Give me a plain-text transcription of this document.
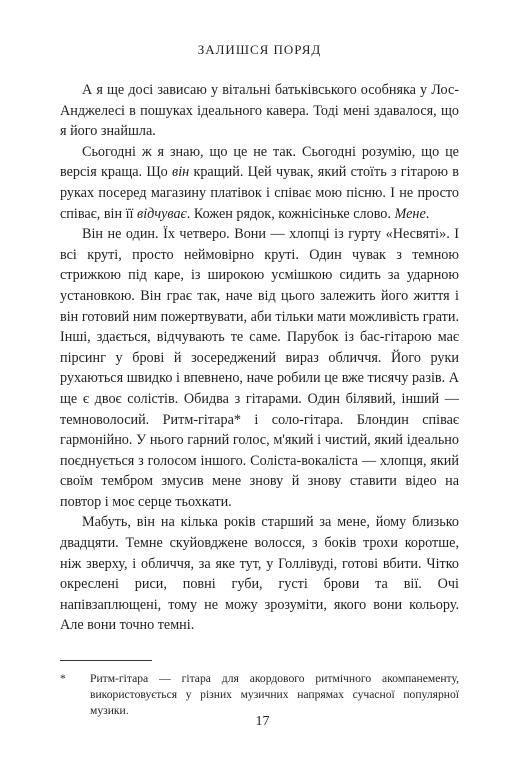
ЗАЛИШСЯ ПОРЯД

А я ще досі зависаю у вітальні батьківського особняка у Лос-Анджелесі в пошуках ідеального кавера. Тоді мені здавалося, що я його знайшла.

Сьогодні ж я знаю, що це не так. Сьогодні розумію, що це версія краща. Що він кращий. Цей чувак, який стоїть з гітарою в руках посеред магазину платівок і співає мою пісню. І не просто співає, він її відчуває. Кожен рядок, кожнісіньке слово. Мене.

Він не один. Їх четверо. Вони — хлопці із гурту «Несвяті». І всі круті, просто неймовірно круті. Один чувак з темною стрижкою під каре, із широкою усмішкою сидить за ударною установкою. Він грає так, наче від цього залежить його життя і він готовий ним пожертвувати, аби тільки мати можливість грати. Інші, здається, відчувають те саме. Парубок із бас-гітарою має пірсинг у брові й зосереджений вираз обличчя. Його руки рухаються швидко і впевнено, наче робили це вже тисячу разів. А ще є двоє солістів. Обидва з гітарами. Один білявий, інший — темноволосий. Ритм-гітара* і соло-гітара. Блондин співає гармонійно. У нього гарний голос, м'який і чистий, який ідеально поєднується з голосом іншого. Соліста-вокаліста — хлопця, який своїм тембром змусив мене знову й знову ставити відео на повтор і моє серце тьохкати.

Мабуть, він на кілька років старший за мене, йому близько двадцяти. Темне скуйовджене волосся, з боків трохи коротше, ніж зверху, і обличчя, за яке тут, у Голлівуді, готові вбити. Чітко окреслені риси, повні губи, густі брови та вії. Очі напівзаплющені, тому не можу зрозуміти, якого вони кольору. Але вони точно темні.

*	Ритм-гітара — гітара для акордового ритмічного акомпанементу, використовується у різних музичних напрямах сучасної популярної музики.
17
